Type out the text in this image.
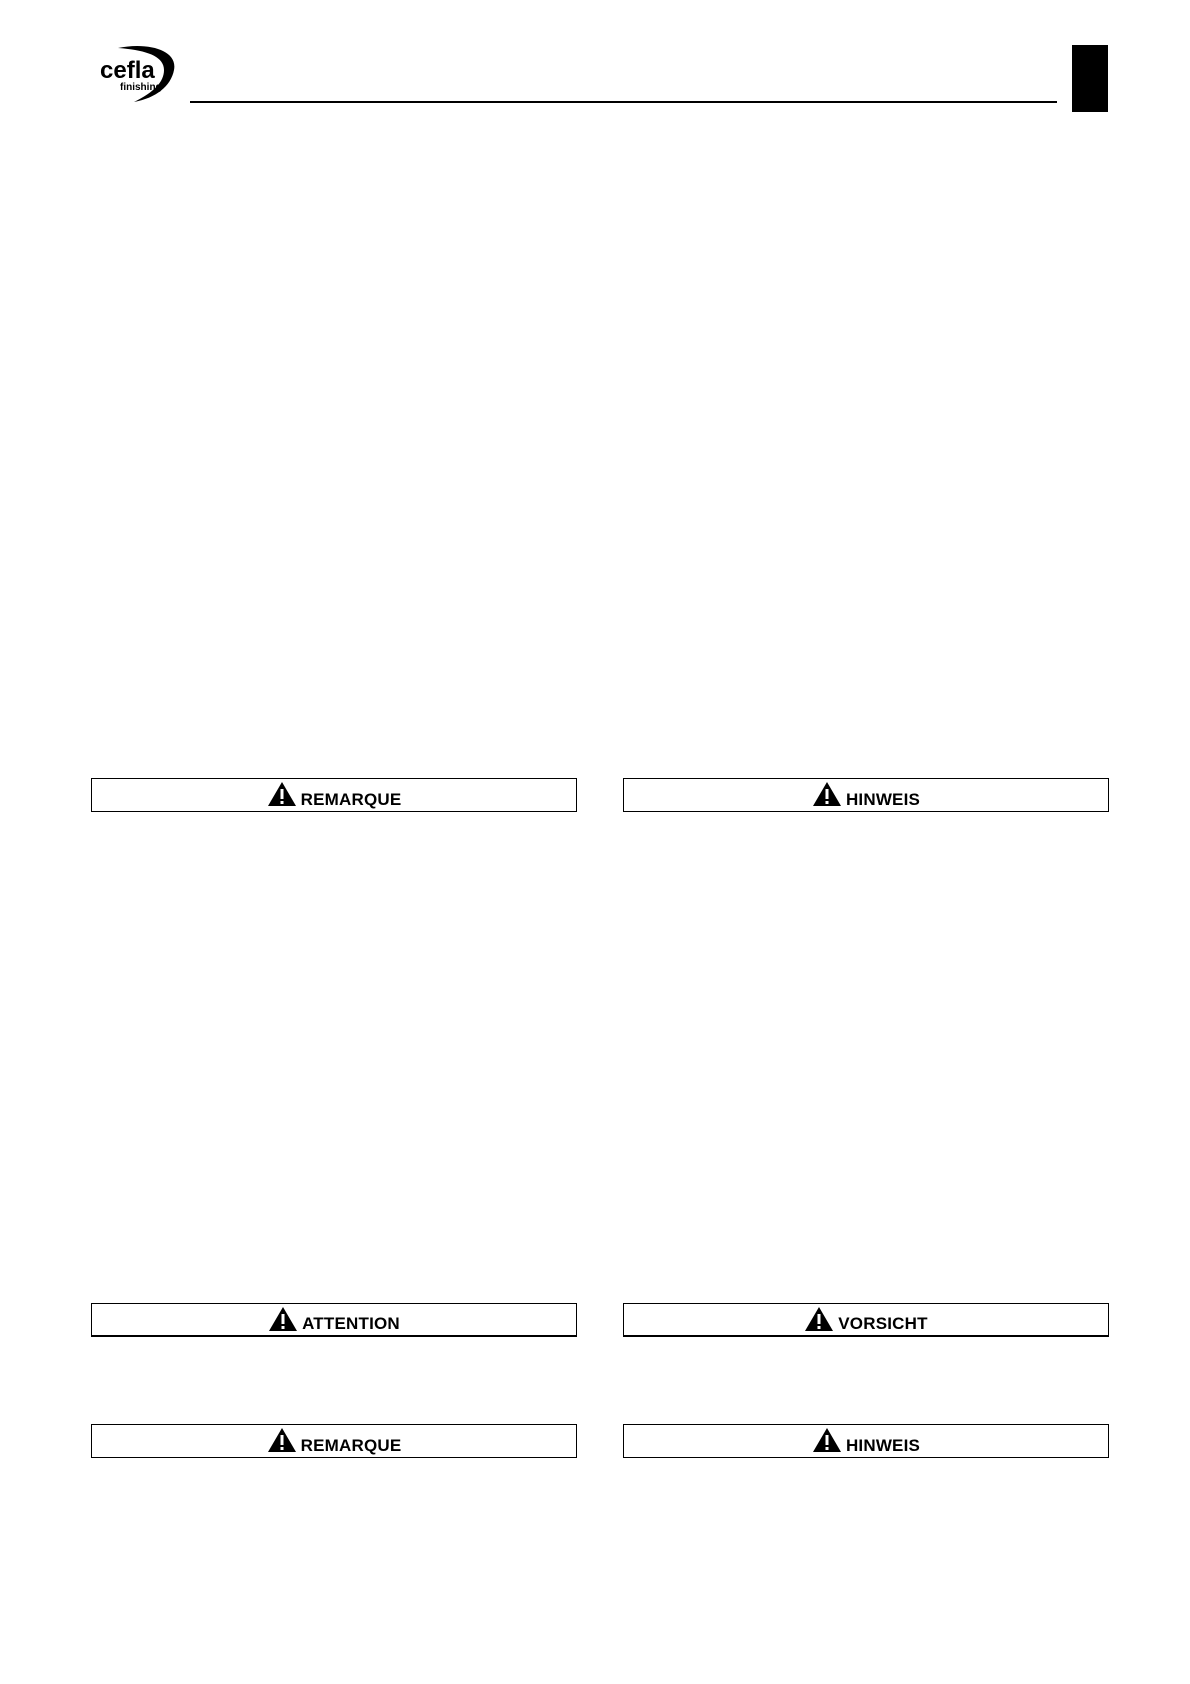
cefla
finishing
REMARQUE	HINWEIS
ATTENTION	VORSICHT
REMARQUE	HINWEIS
